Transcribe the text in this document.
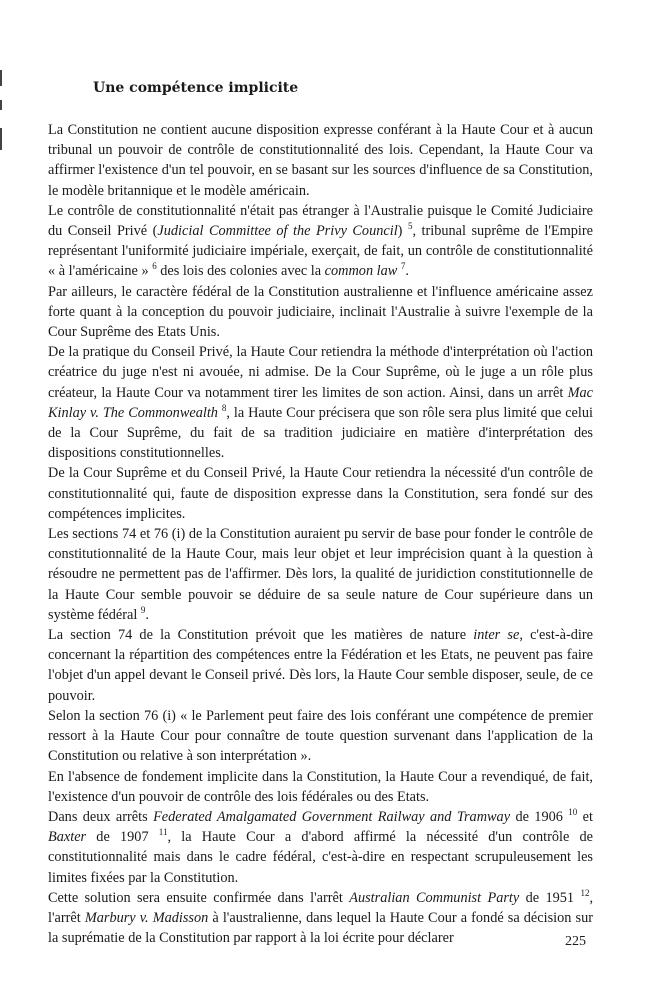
Une compétence implicite

La Constitution ne contient aucune disposition expresse conférant à la Haute Cour et à aucun tribunal un pouvoir de contrôle de constitutionnalité des lois. Cependant, la Haute Cour va affirmer l'existence d'un tel pouvoir, en se basant sur les sources d'influence de sa Constitution, le modèle britannique et le modèle américain.

Le contrôle de constitutionnalité n'était pas étranger à l'Australie puisque le Comité Judiciaire du Conseil Privé (Judicial Committee of the Privy Council) $^5$, tribunal suprême de l'Empire représentant l'uniformité judiciaire impériale, exerçait, de fait, un contrôle de constitutionnalité « à l'américaine » $^6$ des lois des colonies avec la common law $^7$.

Par ailleurs, le caractère fédéral de la Constitution australienne et l'influence américaine assez forte quant à la conception du pouvoir judiciaire, inclinait l'Australie à suivre l'exemple de la Cour Suprême des Etats Unis.

De la pratique du Conseil Privé, la Haute Cour retiendra la méthode d'interprétation où l'action créatrice du juge n'est ni avouée, ni admise. De la Cour Suprême, où le juge a un rôle plus créateur, la Haute Cour va notamment tirer les limites de son action. Ainsi, dans un arrêt Mac Kinlay v. The Commonwealth $^8$, la Haute Cour précisera que son rôle sera plus limité que celui de la Cour Suprême, du fait de sa tradition judiciaire en matière d'interprétation des dispositions constitutionnelles.

De la Cour Suprême et du Conseil Privé, la Haute Cour retiendra la nécessité d'un contrôle de constitutionnalité qui, faute de disposition expresse dans la Constitution, sera fondé sur des compétences implicites.

Les sections 74 et 76 (i) de la Constitution auraient pu servir de base pour fonder le contrôle de constitutionnalité de la Haute Cour, mais leur objet et leur imprécision quant à la question à résoudre ne permettent pas de l'affirmer. Dès lors, la qualité de juridiction constitutionnelle de la Haute Cour semble pouvoir se déduire de sa seule nature de Cour supérieure dans un système fédéral $^9$.

La section 74 de la Constitution prévoit que les matières de nature inter se, c'est-à-dire concernant la répartition des compétences entre la Fédération et les Etats, ne peuvent pas faire l'objet d'un appel devant le Conseil privé. Dès lors, la Haute Cour semble disposer, seule, de ce pouvoir.

Selon la section 76 (i) « le Parlement peut faire des lois conférant une compétence de premier ressort à la Haute Cour pour connaître de toute question survenant dans l'application de la Constitution ou relative à son interprétation ».

En l'absence de fondement implicite dans la Constitution, la Haute Cour a revendiqué, de fait, l'existence d'un pouvoir de contrôle des lois fédérales ou des Etats.

Dans deux arrêts Federated Amalgamated Government Railway and Tramway de 1906 $^{10}$ et Baxter de 1907 $^{11}$, la Haute Cour a d'abord affirmé la nécessité d'un contrôle de constitutionnalité mais dans le cadre fédéral, c'est-à-dire en respectant scrupuleusement les limites fixées par la Constitution.

Cette solution sera ensuite confirmée dans l'arrêt Australian Communist Party de 1951 $^{12}$, l'arrêt Marbury v. Madisson à l'australienne, dans lequel la Haute Cour a fondé sa décision sur la suprématie de la Constitution par rapport à la loi écrite pour déclarer	225
